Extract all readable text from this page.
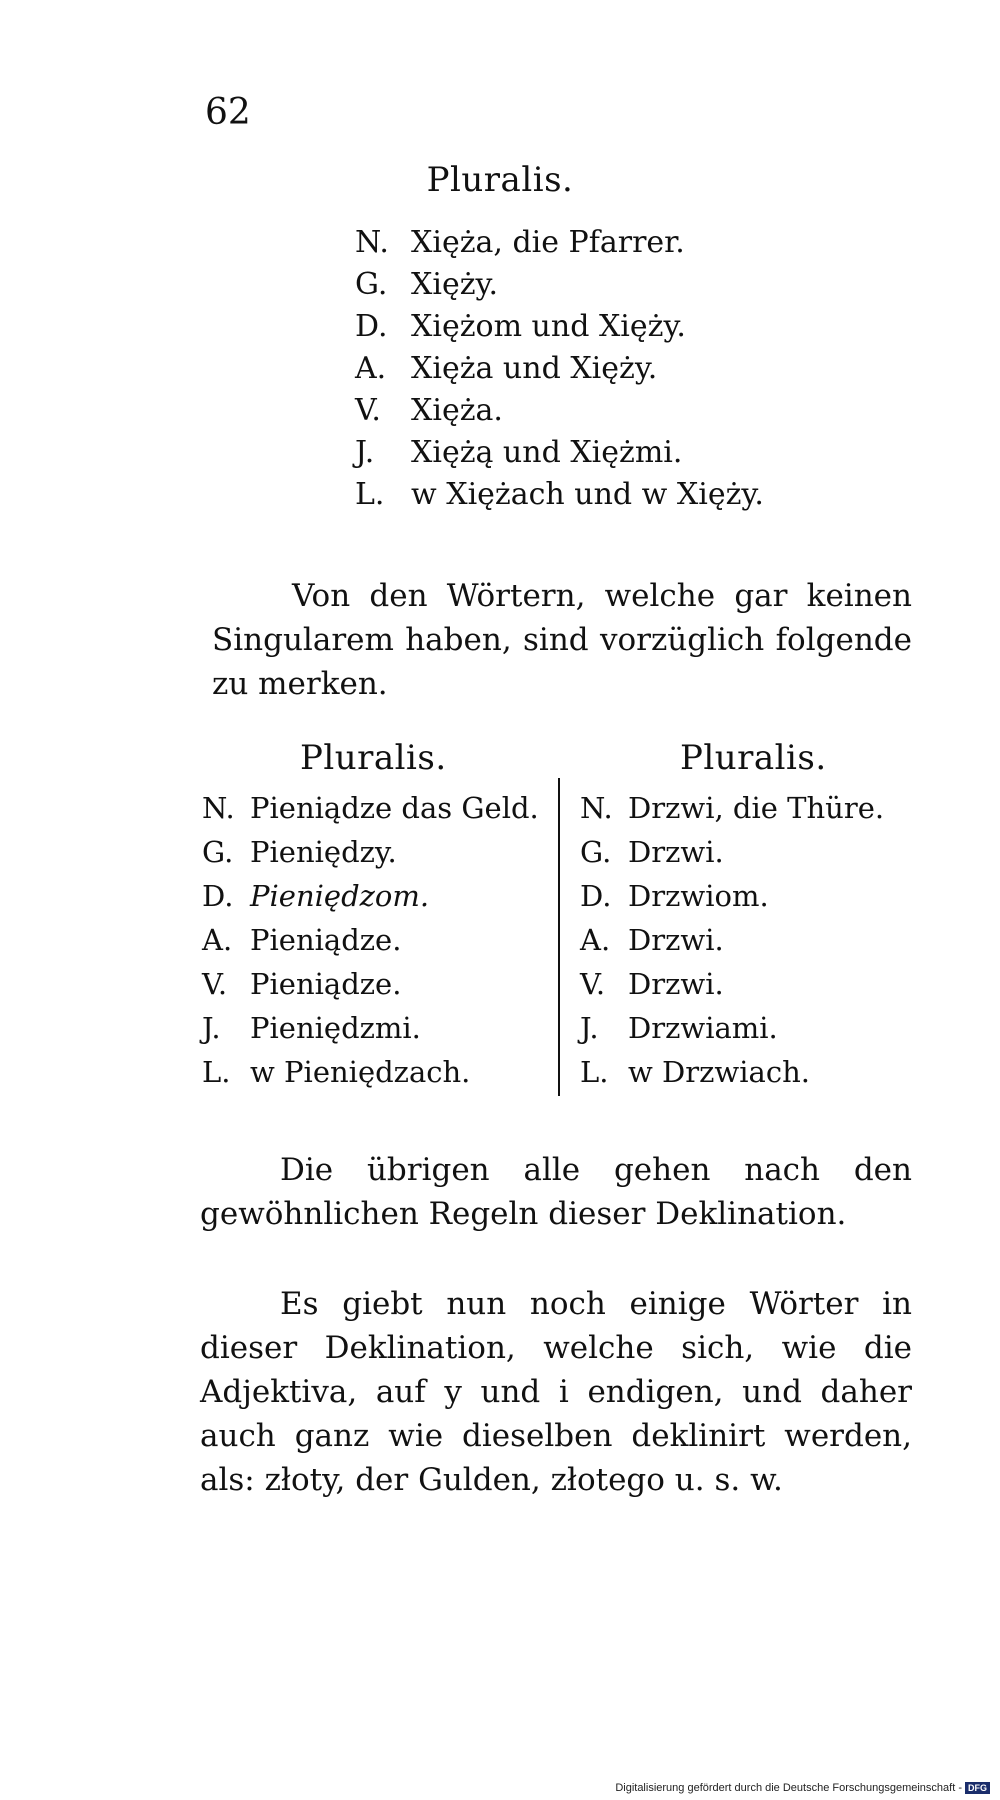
62
Pluralis.
N. Xięża, die Pfarrer.
G. Xięży.
D. Xiężom und Xięży.
A. Xięża und Xięży.
V. Xięża.
J. Xiężą und Xiężmi.
L. w Xiężach und w Xięży.
Von den Wörtern, welche gar keinen Singularem haben, sind vorzüglich folgende zu merken.
Pluralis.	Pluralis.
N. Pieniądze das Geld.
G. Pieniędzy.
D. Pieniędzom.
A. Pieniądze.
V. Pieniądze.
J. Pieniędzmi.
L. w Pieniędzach.
N. Drzwi, die Thüre.
G. Drzwi.
D. Drzwiom.
A. Drzwi.
V. Drzwi.
J. Drzwiami.
L. w Drzwiach.
Die übrigen alle gehen nach den gewöhnlichen Regeln dieser Deklination.
Es giebt nun noch einige Wörter in dieser Deklination, welche sich, wie die Adjektiva, auf y und i endigen, und daher auch ganz wie dieselben deklinirt werden, als: złoty, der Gulden, złotego u. s. w.
Digitalisierung gefördert durch die Deutsche Forschungsgemeinschaft - DFG
